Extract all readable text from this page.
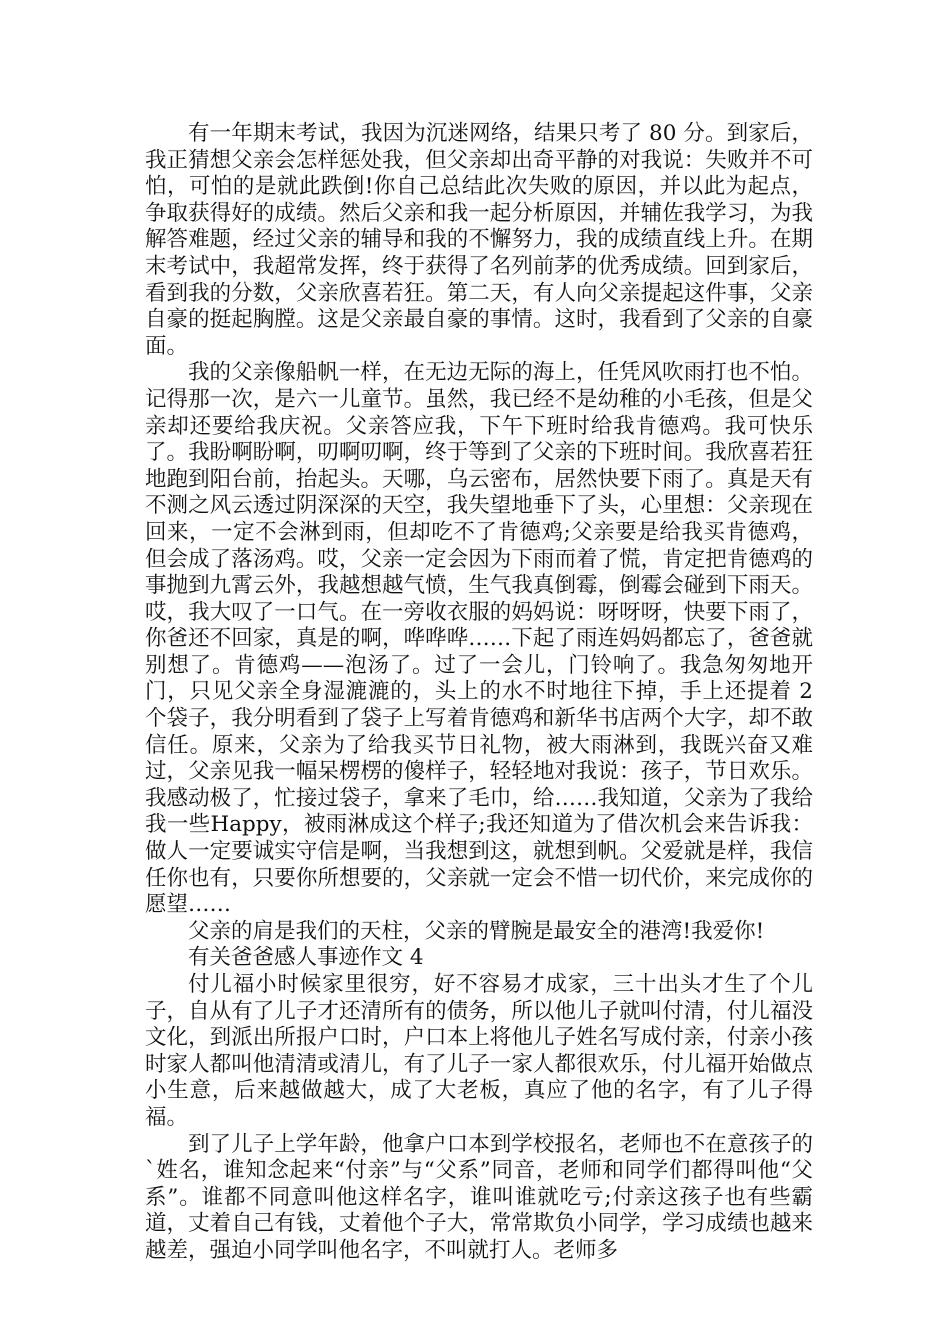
有一年期末考试，我因为沉迷网络，结果只考了 80 分。到家后，我正猜想父亲会怎样惩处我，但父亲却出奇平静的对我说：失败并不可怕，可怕的是就此跌倒!你自己总结此次失败的原因，并以此为起点，争取获得好的成绩。然后父亲和我一起分析原因，并辅佐我学习，为我解答难题，经过父亲的辅导和我的不懈努力，我的成绩直线上升。在期末考试中，我超常发挥，终于获得了名列前茅的优秀成绩。回到家后，看到我的分数，父亲欣喜若狂。第二天，有人向父亲提起这件事，父亲自豪的挺起胸膛。这是父亲最自豪的事情。这时，我看到了父亲的自豪面。

我的父亲像船帆一样，在无边无际的海上，任凭风吹雨打也不怕。记得那一次，是六一儿童节。虽然，我已经不是幼稚的小毛孩，但是父亲却还要给我庆祝。父亲答应我，下午下班时给我肯德鸡。我可快乐了。我盼啊盼啊，叨啊叨啊，终于等到了父亲的下班时间。我欣喜若狂地跑到阳台前，抬起头。天哪，乌云密布，居然快要下雨了。真是天有不测之风云透过阴深深的天空，我失望地垂下了头，心里想：父亲现在回来，一定不会淋到雨，但却吃不了肯德鸡;父亲要是给我买肯德鸡，但会成了落汤鸡。哎，父亲一定会因为下雨而着了慌，肯定把肯德鸡的事抛到九霄云外，我越想越气愤，生气我真倒霉，倒霉会碰到下雨天。哎，我大叹了一口气。在一旁收衣服的妈妈说：呀呀呀，快要下雨了，你爸还不回家，真是的啊，哗哗哗……下起了雨连妈妈都忘了，爸爸就别想了。肯德鸡——泡汤了。过了一会儿，门铃响了。我急匆匆地开门，只见父亲全身湿漉漉的，头上的水不时地往下掉，手上还提着 2 个袋子，我分明看到了袋子上写着肯德鸡和新华书店两个大字，却不敢信任。原来，父亲为了给我买节日礼物，被大雨淋到，我既兴奋又难过，父亲见我一幅呆楞楞的傻样子，轻轻地对我说：孩子，节日欢乐。我感动极了，忙接过袋子，拿来了毛巾，给……我知道，父亲为了我给我一些Happy，被雨淋成这个样子;我还知道为了借次机会来告诉我：做人一定要诚实守信是啊，当我想到这，就想到帆。父爱就是样，我信任你也有，只要你所想要的，父亲就一定会不惜一切代价，来完成你的愿望……

父亲的肩是我们的天柱，父亲的臂腕是最安全的港湾!我爱你!

有关爸爸感人事迹作文 4

付儿福小时候家里很穷，好不容易才成家，三十出头才生了个儿子，自从有了儿子才还清所有的债务，所以他儿子就叫付清，付儿福没文化，到派出所报户口时，户口本上将他儿子姓名写成付亲，付亲小孩时家人都叫他清清或清儿，有了儿子一家人都很欢乐，付儿福开始做点小生意，后来越做越大，成了大老板，真应了他的名字，有了儿子得福。

到了儿子上学年龄，他拿户口本到学校报名，老师也不在意孩子的`姓名，谁知念起来“付亲”与“父系”同音，老师和同学们都得叫他“父系”。谁都不同意叫他这样名字，谁叫谁就吃亏;付亲这孩子也有些霸道，丈着自己有钱，丈着他个子大，常常欺负小同学，学习成绩也越来越差，强迫小同学叫他名字，不叫就打人。老师多
